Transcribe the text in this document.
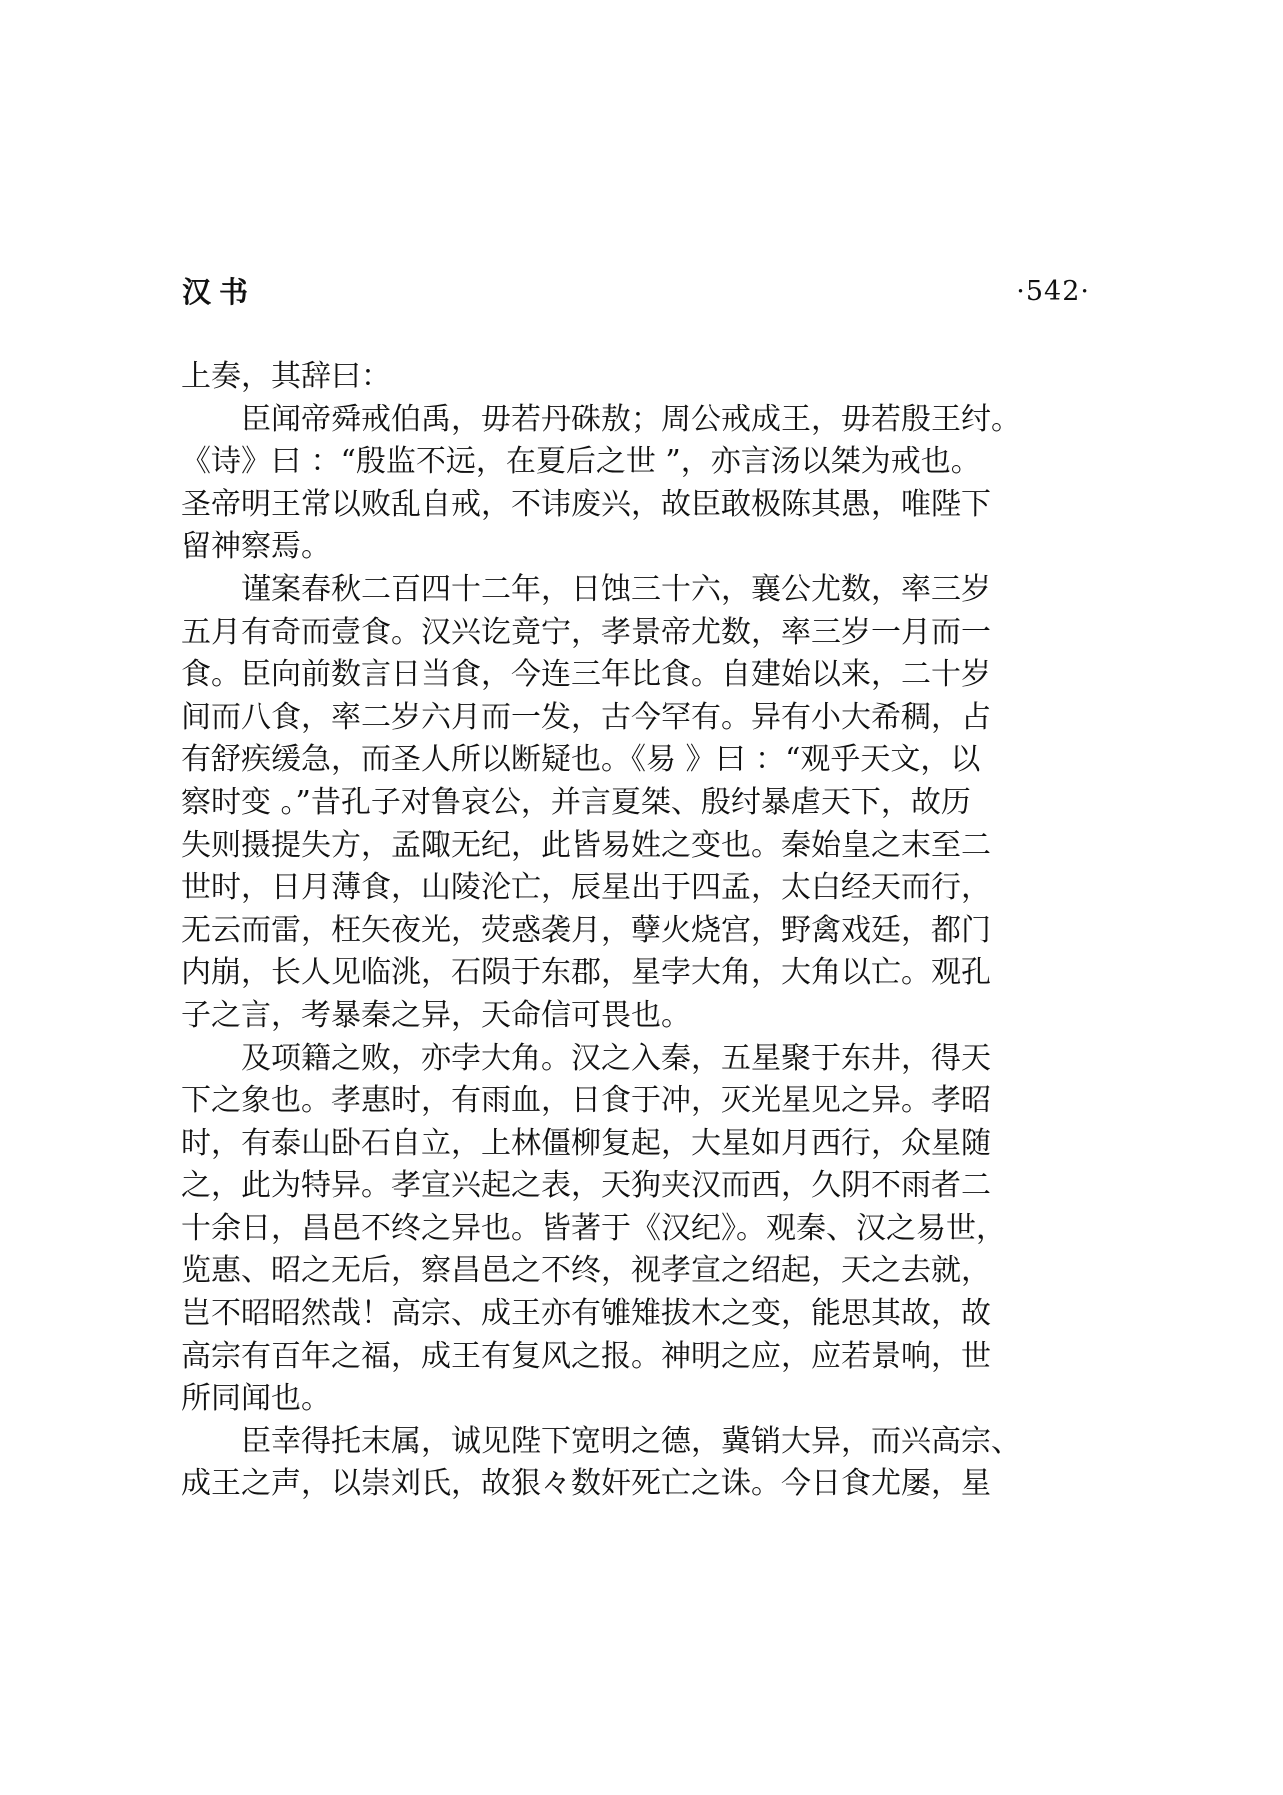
汉书	·542·

上奏，其辞曰：

　　臣闻帝舜戒伯禹，毋若丹硃敖；周公戒成王，毋若殷王纣。

《诗》曰 ：“殷监不远，在夏后之世 ”，亦言汤以桀为戒也。

圣帝明王常以败乱自戒，不讳废兴，故臣敢极陈其愚，唯陛下

留神察焉。

　　谨案春秋二百四十二年，日蚀三十六，襄公尤数，率三岁

五月有奇而壹食。汉兴讫竟宁，孝景帝尤数，率三岁一月而一

食。臣向前数言日当食，今连三年比食。自建始以来，二十岁

间而八食，率二岁六月而一发，古今罕有。异有小大希稠，占

有舒疾缓急，而圣人所以断疑也。《易 》曰 ：“观乎天文，以

察时变 。”昔孔子对鲁哀公，并言夏桀、殷纣暴虐天下，故历

失则摄提失方，孟陬无纪，此皆易姓之变也。秦始皇之末至二

世时，日月薄食，山陵沦亡，辰星出于四孟，太白经天而行，

无云而雷，枉矢夜光，荧惑袭月，孽火烧宫，野禽戏廷，都门

内崩，长人见临洮，石陨于东郡，星孛大角，大角以亡。观孔

子之言，考暴秦之异，天命信可畏也。

　　及项籍之败，亦孛大角。汉之入秦，五星聚于东井，得天

下之象也。孝惠时，有雨血，日食于冲，灭光星见之异。孝昭

时，有泰山卧石自立，上林僵柳复起，大星如月西行，众星随

之，此为特异。孝宣兴起之表，天狗夹汉而西，久阴不雨者二

十余日，昌邑不终之异也。皆著于《汉纪》。观秦、汉之易世，

览惠、昭之无后，察昌邑之不终，视孝宣之绍起，天之去就，

岂不昭昭然哉！高宗、成王亦有雊雉拔木之变，能思其故，故

高宗有百年之福，成王有复风之报。神明之应，应若景响，世

所同闻也。

　　臣幸得托末属，诚见陛下宽明之德，冀销大异，而兴高宗、

成王之声，以崇刘氏，故狠々数奸死亡之诛。今日食尤屡，星
